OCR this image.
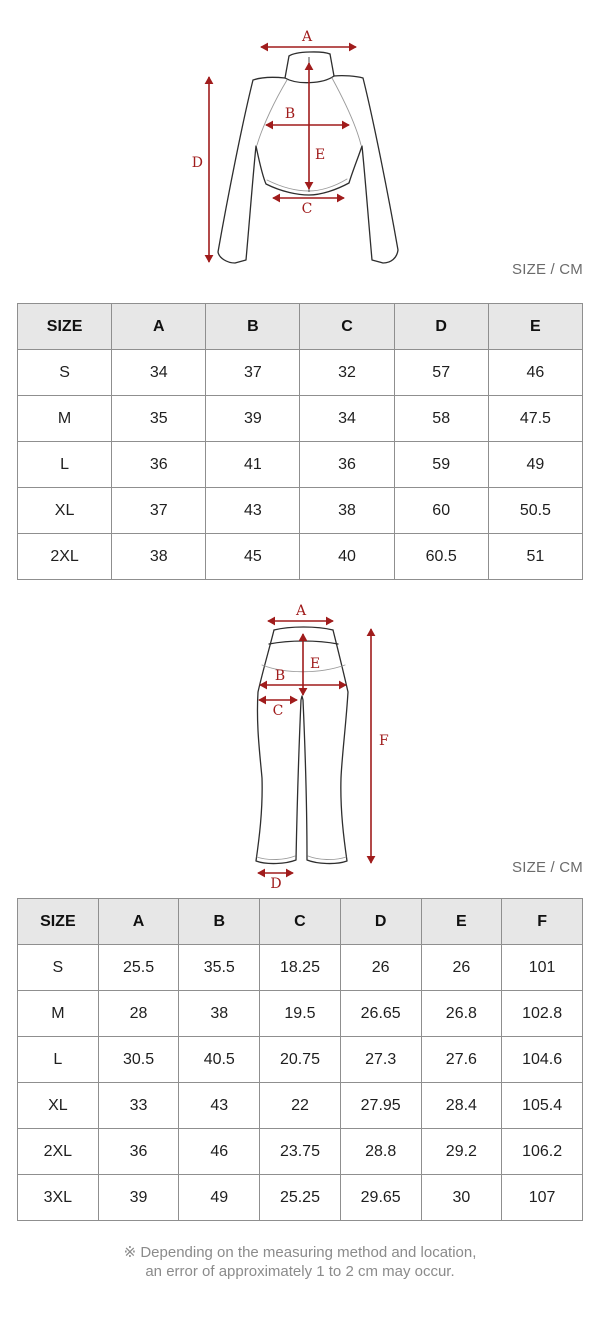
A
B
C
D	E
SIZE / CM
SIZE	A	B	C	D	E
S	34	37	32	57	46
M	35	39	34	58	47.5
L	36	41	36	59	49
XL	37	43	38	60	50.5
2XL	38	45	40	60.5	51
A
B
C
D
E
F
SIZE / CM
SIZE	A	B	C	D	E	F
S	25.5	35.5	18.25	26	26	101
M	28	38	19.5	26.65	26.8	102.8
L	30.5	40.5	20.75	27.3	27.6	104.6
XL	33	43	22	27.95	28.4	105.4
2XL	36	46	23.75	28.8	29.2	106.2
3XL	39	49	25.25	29.65	30	107
※ Depending on the measuring method and location,
an error of approximately 1 to 2 cm may occur.
